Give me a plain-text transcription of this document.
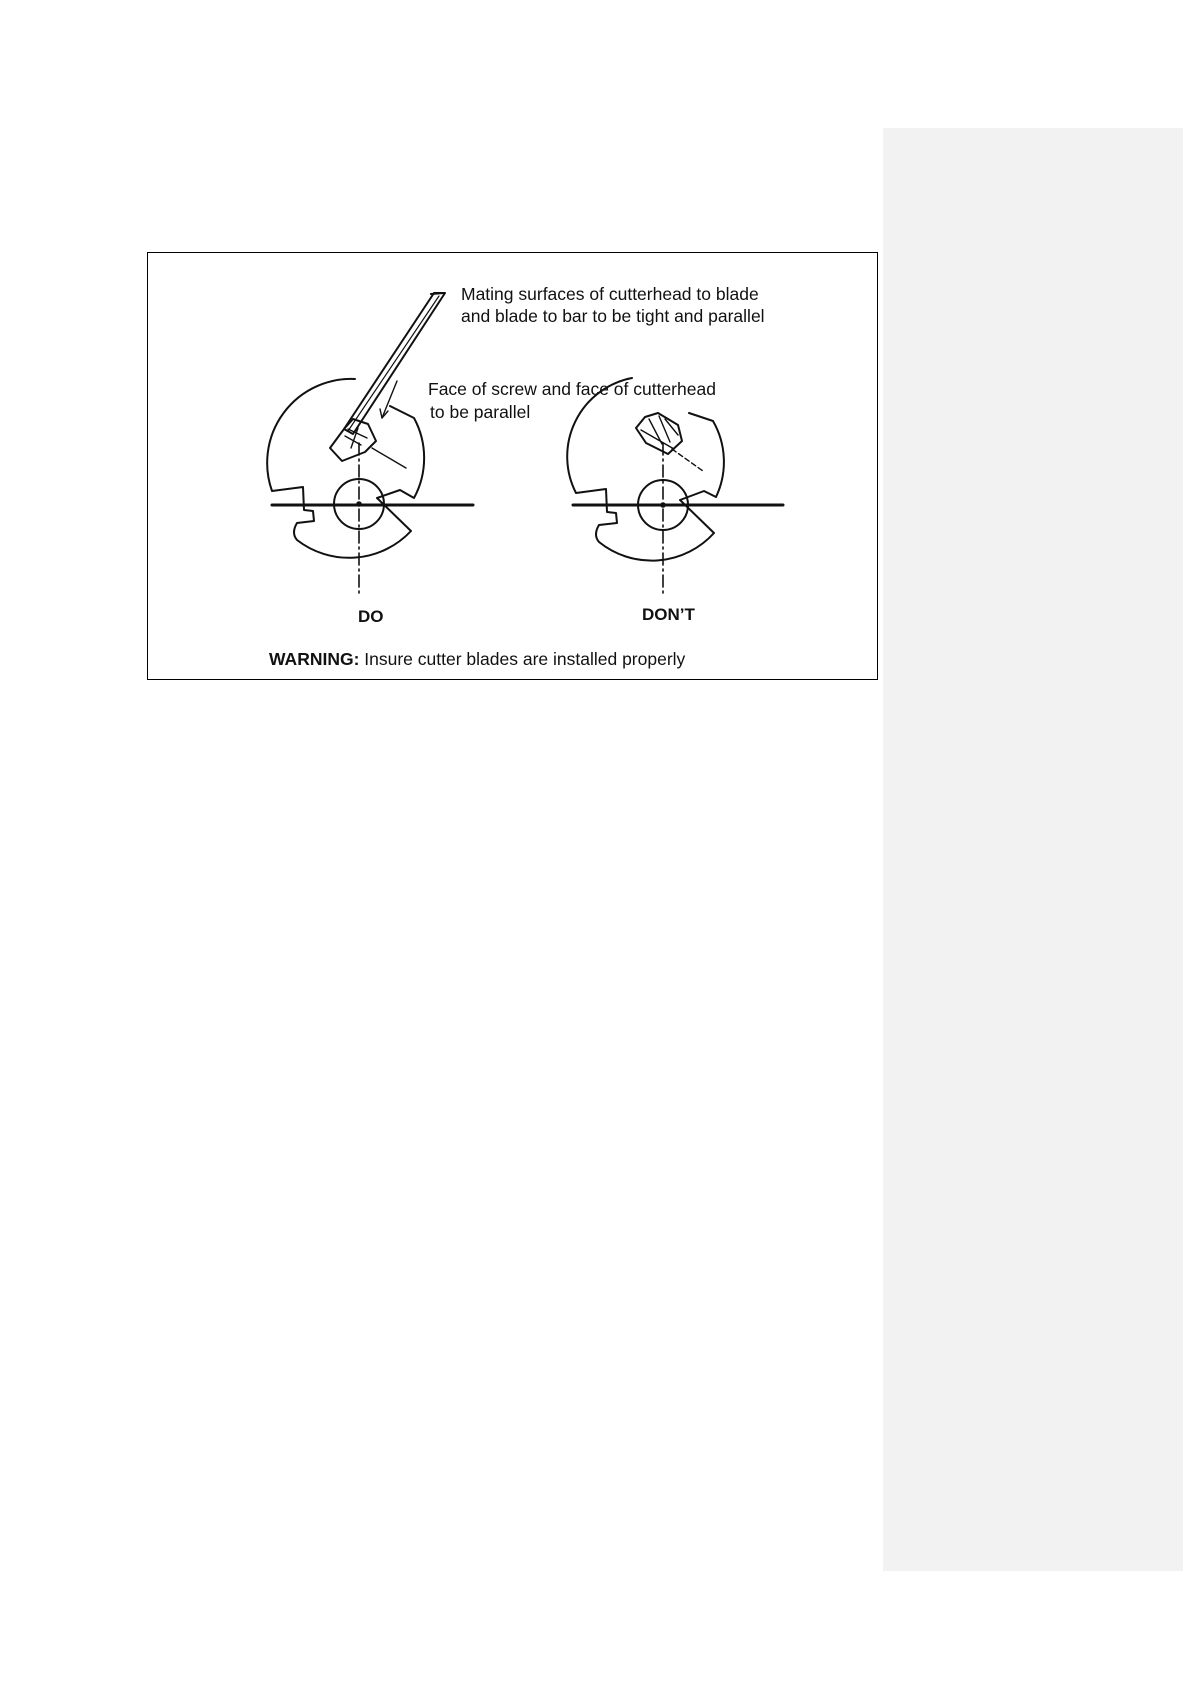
Mating surfaces of cutterhead to blade
and blade to bar to be tight and parallel
Face of screw and face of cutterhead
to be parallel
DO	DON’T
WARNING: Insure cutter blades are installed properly
